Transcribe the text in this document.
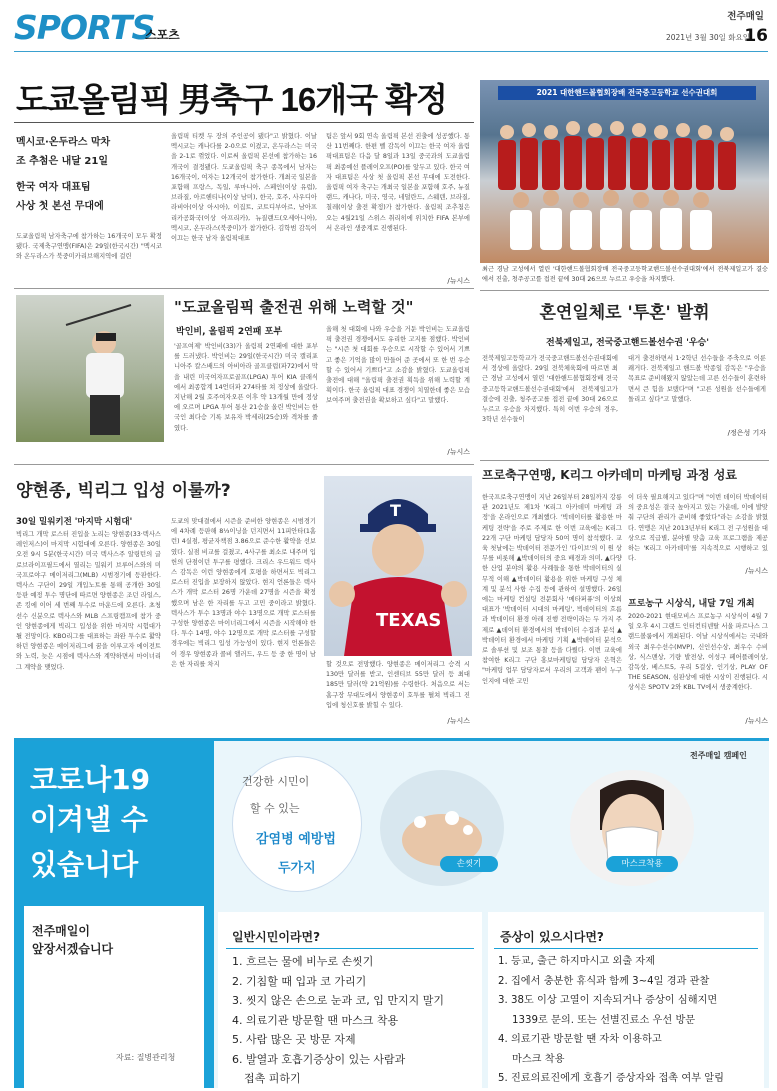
SPORTS
스포츠
전주매일
2021년 3월 30일 화요일
16
도쿄올림픽 男축구 16개국 확정
멕시코·온두라스 막차
조 추첨은 내달 21일
한국 여자 대표팀
사상 첫 본선 무대에
도쿄올림픽 남자축구에 참가하는 16개국이 모두 확정됐다. 국제축구연맹(FIFA)은 29일(한국시간) "멕시코와 온두라스가 북중미카리브해지역에 걸린
올림픽 티켓 두 장의 주인공이 됐다"고 밝혔다. 이날 멕시코는 캐나다를 2-0으로 이겼고, 온두라스는 미국을 2-1로 꺾었다. 이로써 올림픽 본선에 참가하는 16개국이 결정됐다. 도쿄올림픽 축구 종목에서 남자는 16개국이, 여자는 12개국이 참가한다. 개최국 일본을 포함해 프랑스, 독일, 루마니아, 스페인(이상 유럽), 브라질, 아르헨티나(이상 남미), 한국, 호주, 사우디아라비아(이상 아시아), 이집트, 코트디부아르, 남아프리카공화국(이상 아프리카), 뉴질랜드(오세아니아), 멕시코, 온두라스(북중미)가 참가한다. 김학범 감독이 이끄는 한국 남자 올림픽대표
팀은 앞서 9회 연속 올림픽 본선 진출에 성공했다. 통산 11번째다. 한편 벨 감독이 이끄는 한국 여자 올림픽대표팀은 다음 달 8일과 13일 중국과의 도쿄올림픽 최종예선 플레이오프(PO)를 앞두고 있다. 한국 여자 대표팀은 사상 첫 올림픽 본선 무대에 도전한다. 올림픽 여자 축구는 개최국 일본을 포함해 호주, 뉴질랜드, 캐나다, 미국, 영국, 네덜란드, 스웨덴, 브라질, 칠레(이상 출전 확정)가 참가한다. 올림픽 조추첨은 오는 4월21일 스위스 취리히에 위치한 FIFA 본부에서 온라인 생중계로 진행된다.
/뉴시스
2021 대한핸드볼협회장배 전국중고등학교 선수권대회
최근 경남 고성에서 열린 '대한핸드볼협회장배 전국중고등학교핸드볼선수권대회'에서 전북제일고가 결승에서 진출, 청주공고를 접전 끝에 30대 26으로 누르고 우승을 차지했다.
혼연일체로 '투혼' 발휘
전북제일고, 전국중고핸드볼선수권 '우승'
전북제일고등학교가 전국중고핸드볼선수권대회에서 정상에 올랐다. 29일 전북체육회에 따르면 최근 경남 고성에서 열린 '대한핸드볼협회장배 전국중고등학교핸드볼선수권대회'에서 전북제일고가 결승에 진출, 청주공고를 접전 끝에 30대 26으로 누르고 우승을 차지했다. 특히 이번 우승의 경우, 3학년 선수들이
대거 출전하면서 1·2학년 선수들을 주축으로 이룬 쾌거다. 전북제일고 핸드볼 박종일 감독은 "우승을 목표로 준비해왔지 않았는데 고른 선수들이 훈련하면서 큰 힘을 보탰다"며 "고른 성원을 선수들에게 돌리고 싶다"고 말했다.
/정은성 기자
"도쿄올림픽 출전권 위해 노력할 것"
박인비, 올림픽 2연패 포부
'골프여제' 박인비(33)가 올림픽 2연패에 대한 포부를 드러냈다. 박인비는 29일(한국시간) 미국 캘리포니아주 칼스배드의 아비아라 골프클럽(파72)에서 막을 내린 미국여자프로골프(LPGA) 투어 KIA 클래식에서 최종합계 14언더파 274타를 쳐 정상에 올랐다. 지난해 2월 호주여자오픈 이후 약 13개월 만에 정상에 오르며 LPGA 투어 통산 21승을 올린 박인비는 한국인 최다승 기록 보유자 박세리(25승)와 격차를 줄였다.
올해 첫 대회에 나와 우승을 거둔 박인비는 도쿄올림픽 출전권 경쟁에서도 유리한 고지를 점했다. 박인비는 "시즌 첫 대회를 우승으로 시작할 수 있어서 기쁘고 좋은 기억을 많이 만들어 준 곳에서 또 한 번 우승할 수 있어서 기쁘다"고 소감을 밝혔다. 도쿄올림픽 출전에 대해 "올림픽 출전권 획득을 위해 노력할 계획이다. 한국 올림픽 대표 경쟁이 치열한데 좋은 모습 보여주며 출전권을 확보하고 싶다"고 말했다.
/뉴시스
양현종, 빅리그 입성 이룰까?
30일 밀워키전 '마지막 시험대'
빅리그 개막 로스터 진입을 노리는 양현종(33·텍사스 레인저스)이 마지막 시험대에 오른다. 양현종은 30일 오전 9시 5분(한국시간) 미국 텍사스주 알링턴의 글로브라이프필드에서 열리는 밀워키 브루어스와의 미국프로야구 메이저리그(MLB) 시범경기에 등판한다. 텍사스 구단이 29일 개입노트를 통해 공개한 30일 등판 예정 투수 명단에 따르면 양현종은 조던 라일스, 존 킹에 이어 세 번째 투수로 마운드에 오른다. 초청 선수 신분으로 텍사스와 MLB 스프링캠프에 참가 중인 양현종에게 빅리그 입성을 위한 마지막 시험대가 될 전망이다. KBO리그를 대표하는 좌완 투수로 활약하던 양현종은 메이저리그에 꿈을 이루고자 에이전트와 노력, 늦은 시점에 텍사스와 계약하면서 마이너리그 계약을 맺었다.
도쿄의 맞대결에서 시즌을 준비한 양현종은 시범경기에 4차례 등판해 8⅓이닝을 던지면서 11피안타(1홈런) 4실점, 평균자책점 3.86으로 준수한 활약을 선보였다. 실점 비교를 걸쳤고, 4사구를 최소로 내주며 입헌의 단점이던 투구를 평했다. 크리스 우드워드 텍사스 감독은 이런 양현종에게 호평을 하면서도 빅리그 로스터 진입을 보장하지 않았다. 현지 언론들은 텍사스가 개막 로스터 26명 가운데 27명을 시즌을 확정했으며 남은 한 자리를 두고 고민 중이라고 밝혔다. 텍사스가 투수 13명과 야수 13명으로 개막 로스터를 구성한 양현종은 마이너리그에서 시즌을 시작해야 한다. 투수 14명, 야수 12명으로 개막 로스터를 구성할 경우에는 빅리그 입성 가능성이 있다. 현지 언론들은 이 경우 양현종과 콜비 앨러드, 우드 등 중 한 명이 남은 한 자리를 차지
T
TEXAS
할 것으로 전망했다. 양현종은 메이저리그 승격 시 130만 달러를 받고, 인센티브 55만 달러 등 최대 185만 달러(약 21억원)를 수령한다. 처음으로 서는 홈구장 무대도에서 양현종이 호투를 펼쳐 빅리그 진입에 청신호를 밝힐 수 있다.
/뉴시스
프로축구연맹, K리그 아카데미 마케팅 과정 성료
한국프로축구연맹이 지난 26일부터 28일까지 강릉관 2021년도 제1차 'K리그 아카데미 마케팅 과정'을 온라인으로 개최했다. '빅데이터를 활용한 마케팅 전략'을 주로 주제로 한 이번 교육에는 K리그 22개 구단 마케팅 담당자 50여 명이 참석했다. 교육 첫날에는 박데이터 전문가인 '다이브'의 이 원 상무를 비롯해 ▲박데이터의 중요 배경과 의미, ▲다양한 산업 분야의 활용 사례들을 통한 박데이터의 실무적 이해 ▲박데이터 활용을 위한 마케팅 구성 체계 및 분석 사항 수집 등에 관하여 설명했다. 26일에는 마케팅 컨설팅 전문회사 '메타퍼퓨'의 이상희 대표가 '박데이터 시대의 마케팅', 빅데이터의 흐름과 박데이터 환경 아래 진행 전략이라는 두 가지 주제로 ▲데이터 환경에서의 박데이터 수집과 분석 ▲박데이터 환경에서 마케팅 기획 ▲박데이터 분석으로 솔루션 및 보조 통찰 등을 다뤘다. 이번 교육에 참여한 K리그 구단 홍보마케팅팀 담당자 은혁은 "마케팅 업무 담당자로서 우리의 고객과 팬이 누구인지에 대한 고민
이 더욱 필요해지고 있다"며 "이번 데이터 박데이터의 중요성은 결국 높아지고 있는 가운데, 이에 발맞춰 구단의 관리가 준비해 좋았다"라는 소감을 밝혔다. 연맹은 지난 2013년부터 K리그 전 구성원을 대상으로 직급별, 분야별 맞춤 교육 프로그램을 제공하는 'K리그 아카데미'를 지속적으로 시행하고 있다.
/뉴시스
프로농구 시상식, 내달 7일 개최
2020-2021 현대모비스 프로농구 시상식이 4월 7일 오후 4시 그랜드 인터컨티넨탈 서울 파르나스 그랜드볼룸에서 개최된다. 이날 시상식에서는 국내와 외국 최우수선수(MVP), 신인선수상, 최우수 수비상, 식스맨상, 기량 발전상, 이성구 페어플레이상, 감독상, 베스트5, 우리 5걸상, 인기상, PLAY OF THE SEASON, 심판상에 대한 시상이 진행된다. 시상식은 SPOTV 2와 KBL TV에서 생중계한다.
/뉴시스
코로나19
이겨낼 수
있습니다
전주매일이
앞장서겠습니다
자료: 질병관리청
전주매일 캠페인
건강한 시민이
할 수 있는
감염병 예방법
두가지	손씻기	마스크착용
일반시민이라면?
1. 흐르는 물에 비누로 손씻기
2. 기침할 때 입과 코 가리기
3. 씻지 않은 손으로 눈과 코, 입 만지지 말기
4. 의료기관 방문할 땐 마스크 착용
5. 사람 많은 곳 방문 자제
6. 발열과 호흡기증상이 있는 사람과
접촉 피하기
증상이 있으시다면?
1. 등교, 출근 하지마시고 외출 자제
2. 집에서 충분한 휴식과 함께 3~4일 경과 관찰
3. 38도 이상 고열이 지속되거나 증상이 심해지면
1339로 문의. 또는 선별진료소 우선 방문
4. 의료기관 방문할 땐 자차 이용하고
마스크 착용
5. 진료의료진에게 호흡기 증상자와 접촉 여부 알림
